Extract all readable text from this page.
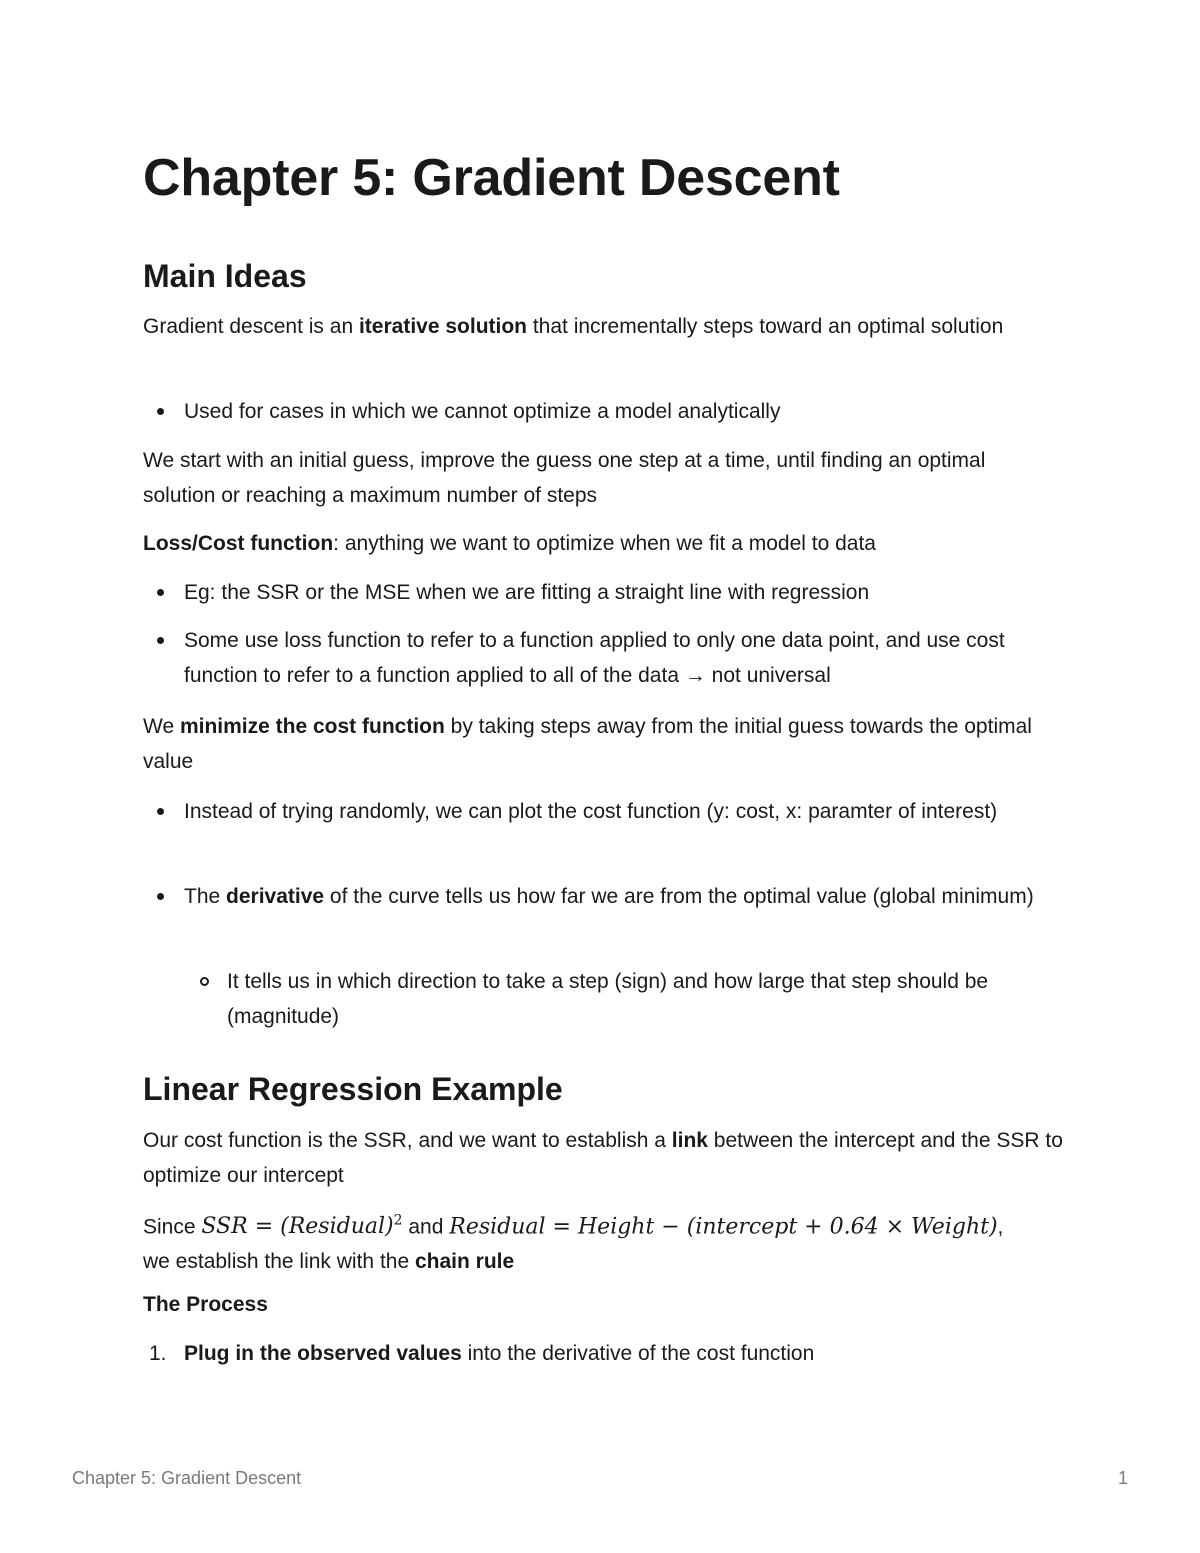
Chapter 5: Gradient Descent
Main Ideas

Gradient descent is an iterative solution that incrementally steps toward an optimal solution

Used for cases in which we cannot optimize a model analytically

We start with an initial guess, improve the guess one step at a time, until finding an optimal solution or reaching a maximum number of steps

Loss/Cost function: anything we want to optimize when we fit a model to data

Eg: the SSR or the MSE when we are fitting a straight line with regression
Some use loss function to refer to a function applied to only one data point, and use cost function to refer to a function applied to all of the data → not universal

We minimize the cost function by taking steps away from the initial guess towards the optimal value

Instead of trying randomly, we can plot the cost function (y: cost, x: paramter of interest)
The derivative of the curve tells us how far we are from the optimal value (global minimum)
It tells us in which direction to take a step (sign) and how large that step should be (magnitude)
Linear Regression Example

Our cost function is the SSR, and we want to establish a link between the intercept and the SSR to optimize our intercept

Since SSR = (Residual)$^2$ and Residual = Height − (intercept + 0.64 × Weight), we establish the link with the chain rule

The Process

1. Plug in the observed values into the derivative of the cost function
Chapter 5: Gradient Descent	1
